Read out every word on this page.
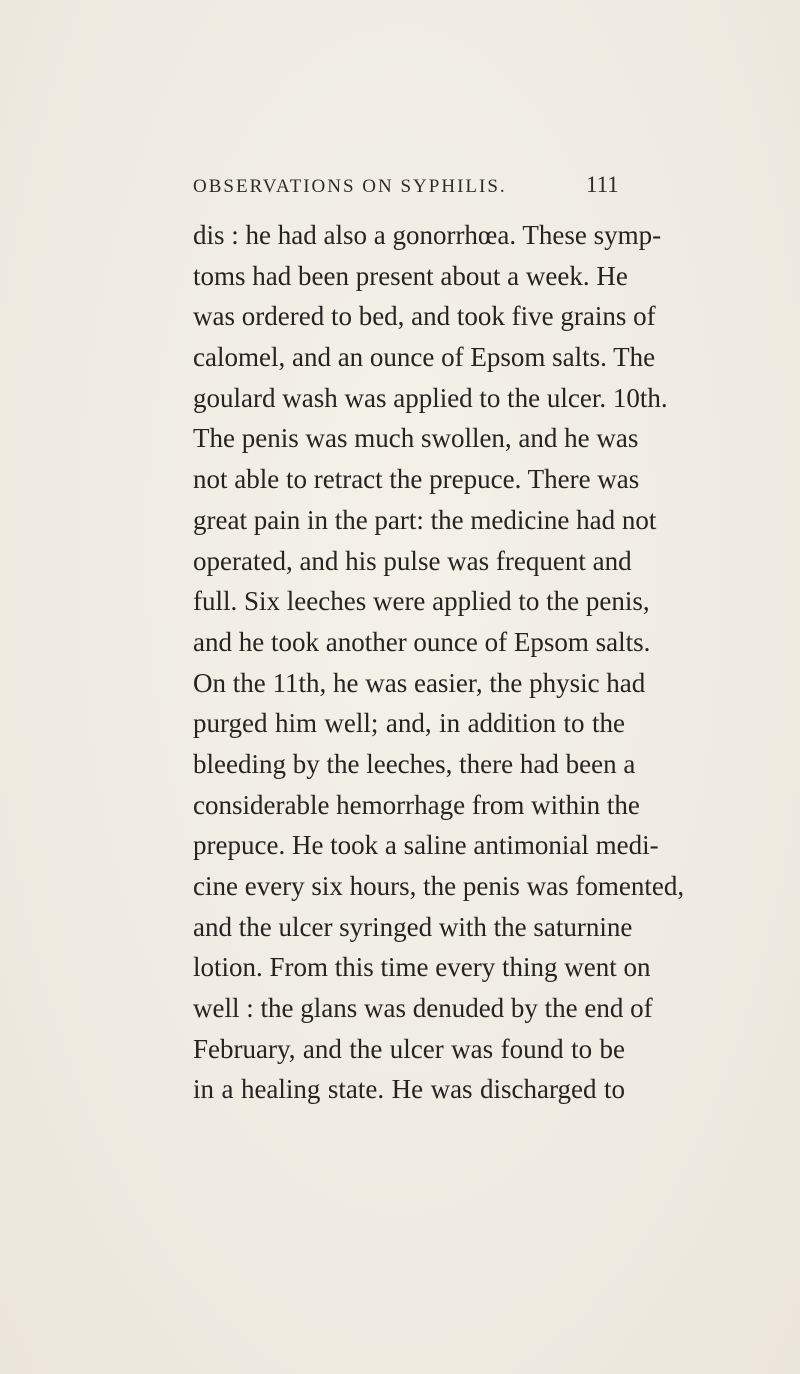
OBSERVATIONS ON SYPHILIS.	111
dis : he had also a gonorrhœa. These symp-
toms had been present about a week. He
was ordered to bed, and took five grains of
calomel, and an ounce of Epsom salts. The
goulard wash was applied to the ulcer. 10th.
The penis was much swollen, and he was
not able to retract the prepuce. There was
great pain in the part: the medicine had not
operated, and his pulse was frequent and
full. Six leeches were applied to the penis,
and he took another ounce of Epsom salts.
On the 11th, he was easier, the physic had
purged him well; and, in addition to the
bleeding by the leeches, there had been a
considerable hemorrhage from within the
prepuce. He took a saline antimonial medi-
cine every six hours, the penis was fomented,
and the ulcer syringed with the saturnine
lotion. From this time every thing went on
well : the glans was denuded by the end of
February, and the ulcer was found to be
in a healing state. He was discharged to
